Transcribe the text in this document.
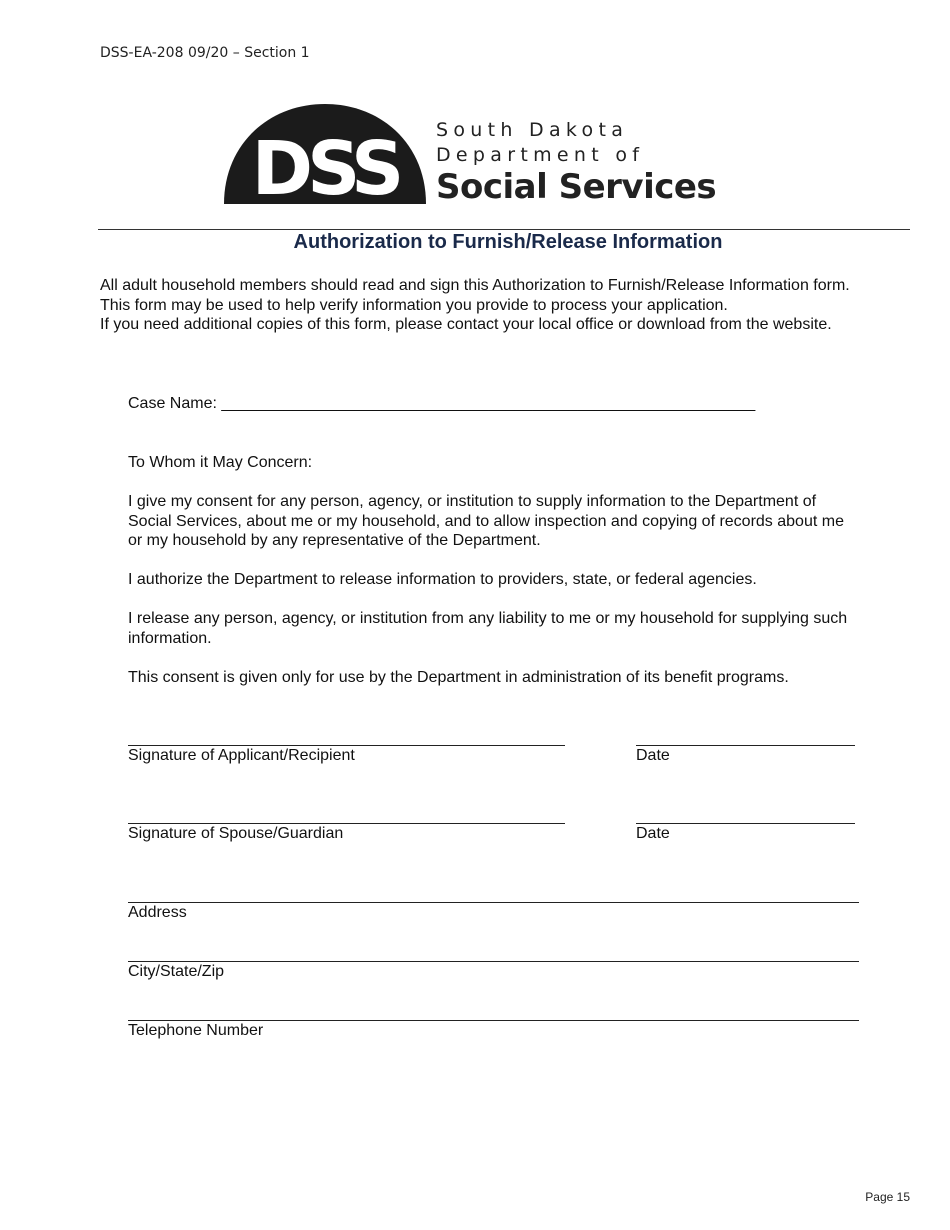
DSS-EA-208 09/20 – Section 1
DSS South Dakota
Department of
Social Services
Authorization to Furnish/Release Information
All adult household members should read and sign this Authorization to Furnish/Release Information form.
This form may be used to help verify information you provide to process your application.
If you need additional copies of this form, please contact your local office or download from the website.
Case Name: ____________________________________________________________
To Whom it May Concern:
I give my consent for any person, agency, or institution to supply information to the Department of
Social Services, about me or my household, and to allow inspection and copying of records about me
or my household by any representative of the Department.
I authorize the Department to release information to providers, state, or federal agencies.
I release any person, agency, or institution from any liability to me or my household for supplying such
information.
This consent is given only for use by the Department in administration of its benefit programs.
Signature of Applicant/Recipient	Date
Signature of Spouse/Guardian	Date
Address
City/State/Zip
Telephone Number
Page 15
